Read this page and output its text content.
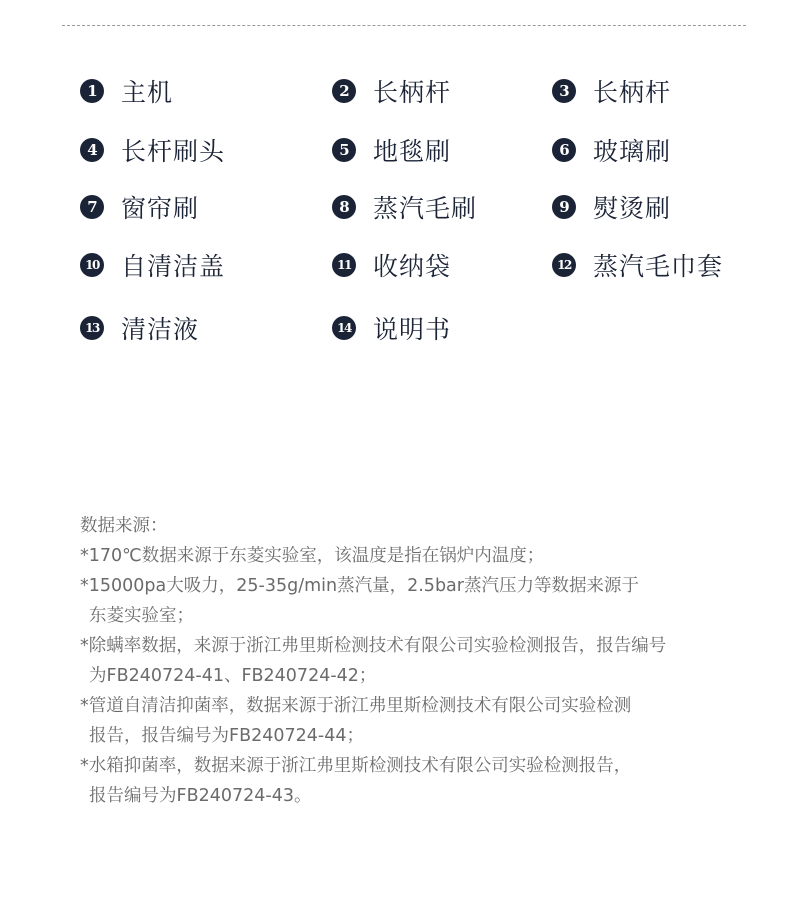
1 主机	2 长柄杆	3 长柄杆
4 长杆刷头	5 地毯刷	6 玻璃刷
7 窗帘刷	8 蒸汽毛刷	9 熨烫刷
10 自清洁盖	11 收纳袋	12 蒸汽毛巾套
13 清洁液	14 说明书
数据来源：
*170℃数据来源于东菱实验室，该温度是指在锅炉内温度；
*15000pa大吸力，25-35g/min蒸汽量，2.5bar蒸汽压力等数据来源于
东菱实验室；
*除螨率数据，来源于浙江弗里斯检测技术有限公司实验检测报告，报告编号
为FB240724-41、FB240724-42；
*管道自清洁抑菌率，数据来源于浙江弗里斯检测技术有限公司实验检测
报告，报告编号为FB240724-44；
*水箱抑菌率，数据来源于浙江弗里斯检测技术有限公司实验检测报告，
报告编号为FB240724-43。
